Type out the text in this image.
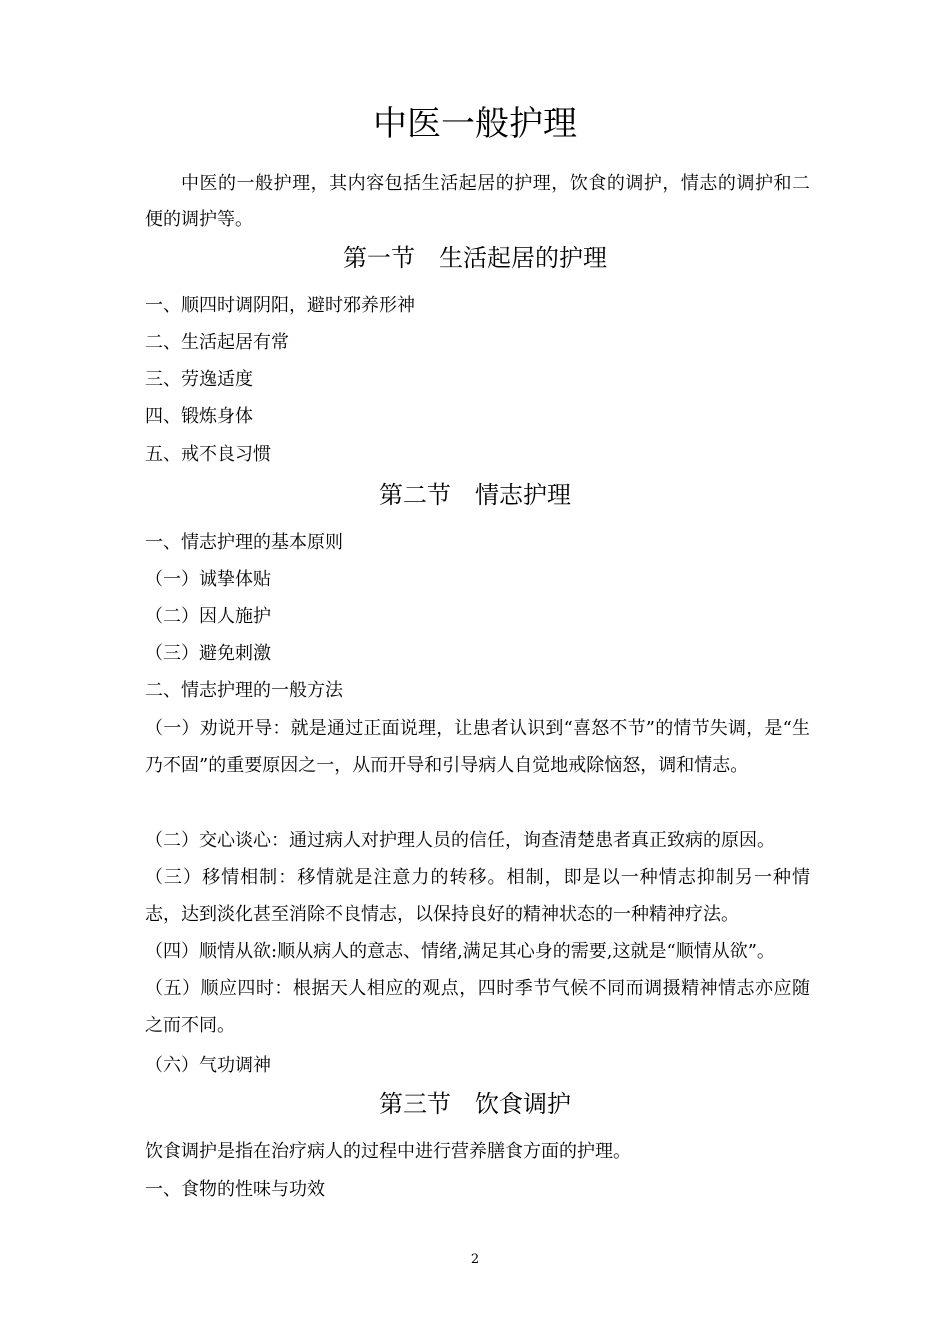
中医一般护理

中医的一般护理，其内容包括生活起居的护理，饮食的调护，情志的调护和二便的调护等。

第一节　生活起居的护理
一、顺四时调阴阳，避时邪养形神
二、生活起居有常
三、劳逸适度
四、锻炼身体
五、戒不良习惯
第二节　情志护理
一、情志护理的基本原则
（一）诚挚体贴
（二）因人施护
（三）避免刺激
二、情志护理的一般方法

（一）劝说开导：就是通过正面说理，让患者认识到“喜怒不节”的情节失调，是“生乃不固”的重要原因之一，从而开导和引导病人自觉地戒除恼怒，调和情志。

（二）交心谈心：通过病人对护理人员的信任，询查清楚患者真正致病的原因。

（三）移情相制：移情就是注意力的转移。相制，即是以一种情志抑制另一种情志，达到淡化甚至消除不良情志，以保持良好的精神状态的一种精神疗法。

（四）顺情从欲:顺从病人的意志、情绪,满足其心身的需要,这就是“顺情从欲”。

（五）顺应四时：根据天人相应的观点，四时季节气候不同而调摄精神情志亦应随之而不同。

（六）气功调神
第三节　饮食调护
饮食调护是指在治疗病人的过程中进行营养膳食方面的护理。
一、食物的性味与功效
2
